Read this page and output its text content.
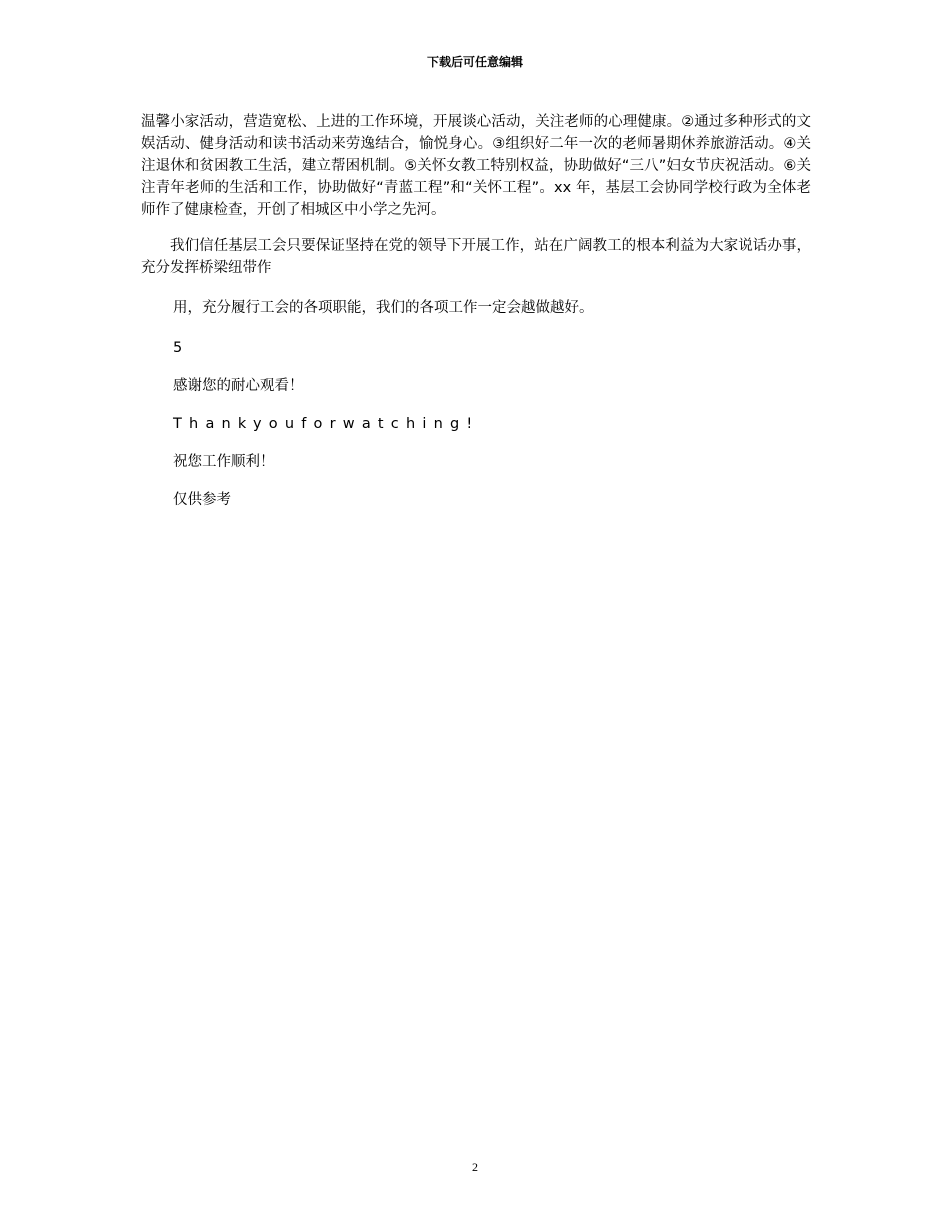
下载后可任意编辑

温馨小家活动，营造宽松、上进的工作环境，开展谈心活动，关注老师的心理健康。②通过多种形式的文娱活动、健身活动和读书活动来劳逸结合，愉悦身心。③组织好二年一次的老师暑期休养旅游活动。④关注退休和贫困教工生活，建立帮困机制。⑤关怀女教工特别权益，协助做好“三八”妇女节庆祝活动。⑥关注青年老师的生活和工作，协助做好“青蓝工程”和“关怀工程”。xx 年，基层工会协同学校行政为全体老师作了健康检查，开创了相城区中小学之先河。

我们信任基层工会只要保证坚持在党的领导下开展工作，站在广阔教工的根本利益为大家说话办事，充分发挥桥梁纽带作

用，充分履行工会的各项职能，我们的各项工作一定会越做越好。

5

感谢您的耐心观看！

Thankyouforwatching!

祝您工作顺利！

仅供参考

2
